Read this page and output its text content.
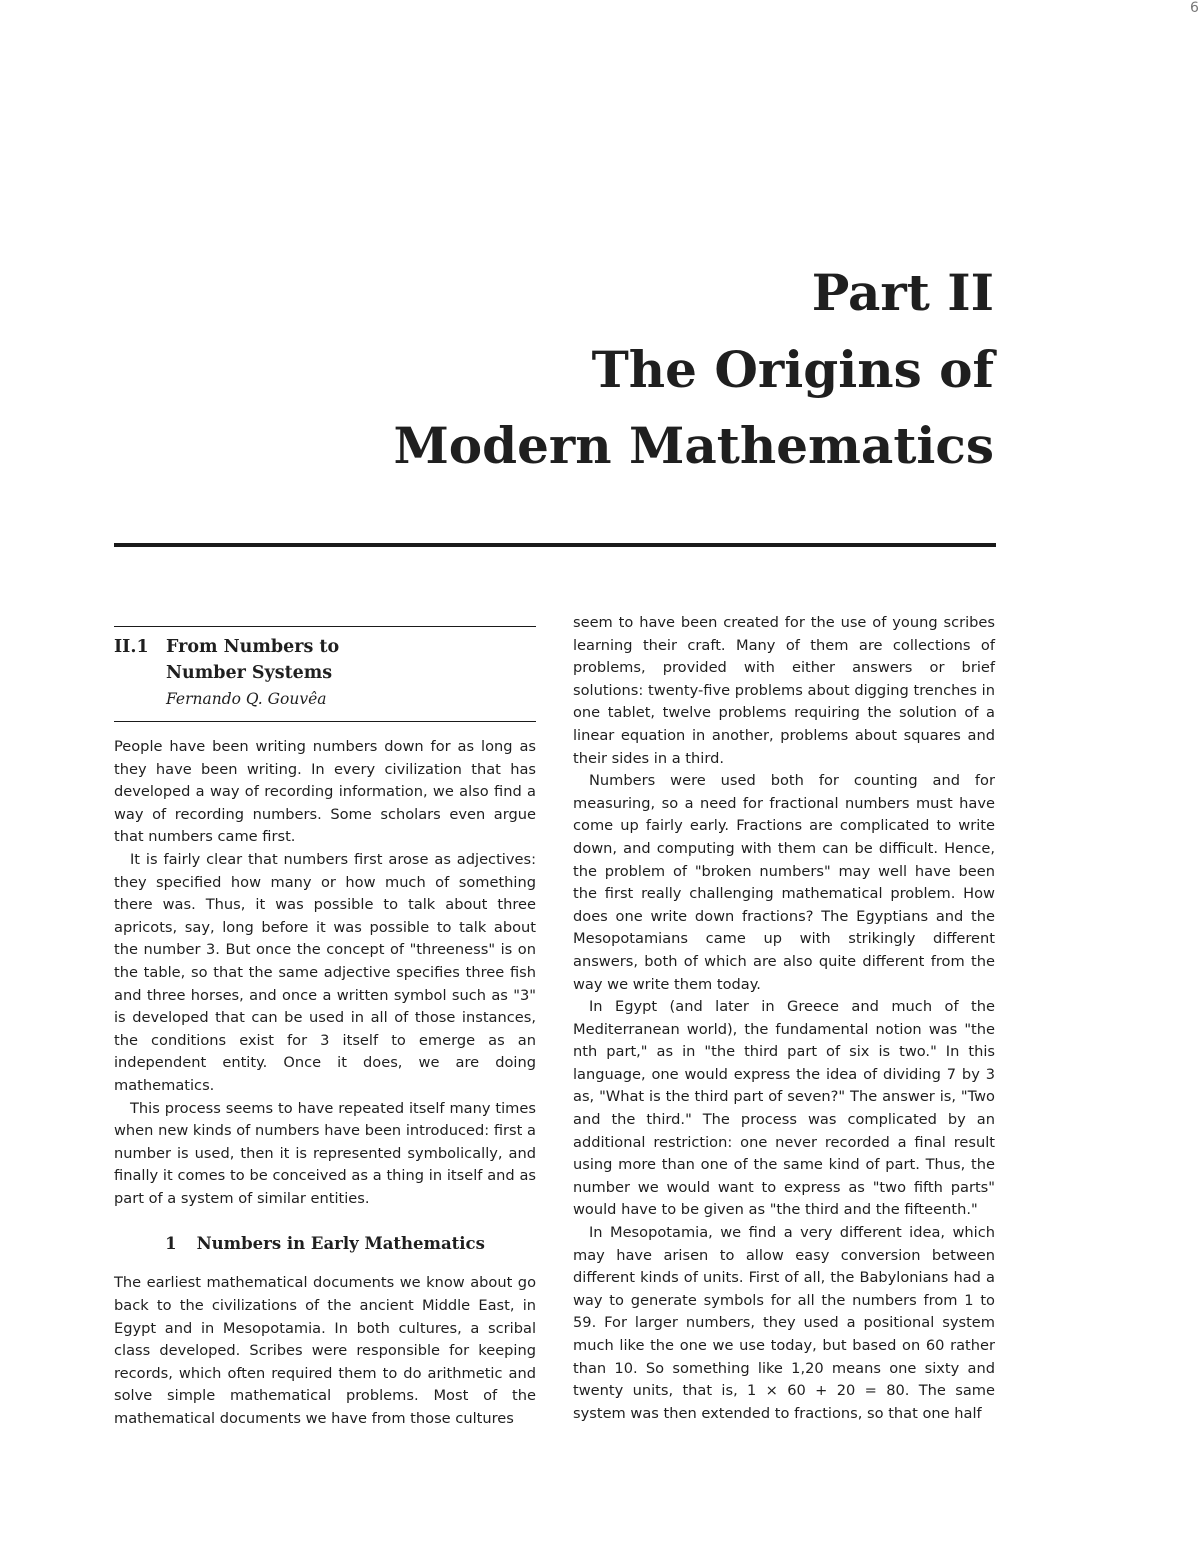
6
Part II
The Origins of
Modern Mathematics
II.1 From Numbers to
Number Systems
Fernando Q. Gouvêa

People have been writing numbers down for as long as they have been writing. In every civilization that has developed a way of recording information, we also find a way of recording numbers. Some scholars even argue that numbers came first.

It is fairly clear that numbers first arose as adjectives: they specified how many or how much of something there was. Thus, it was possible to talk about three apricots, say, long before it was possible to talk about the number 3. But once the concept of "threeness" is on the table, so that the same adjective specifies three fish and three horses, and once a written symbol such as "3" is developed that can be used in all of those instances, the conditions exist for 3 itself to emerge as an independent entity. Once it does, we are doing mathematics.

This process seems to have repeated itself many times when new kinds of numbers have been introduced: first a number is used, then it is represented symbolically, and finally it comes to be conceived as a thing in itself and as part of a system of similar entities.

1 Numbers in Early Mathematics

The earliest mathematical documents we know about go back to the civilizations of the ancient Middle East, in Egypt and in Mesopotamia. In both cultures, a scribal class developed. Scribes were responsible for keeping records, which often required them to do arithmetic and solve simple mathematical problems. Most of the mathematical documents we have from those cultures

seem to have been created for the use of young scribes learning their craft. Many of them are collections of problems, provided with either answers or brief solutions: twenty-five problems about digging trenches in one tablet, twelve problems requiring the solution of a linear equation in another, problems about squares and their sides in a third.

Numbers were used both for counting and for measuring, so a need for fractional numbers must have come up fairly early. Fractions are complicated to write down, and computing with them can be difficult. Hence, the problem of "broken numbers" may well have been the first really challenging mathematical problem. How does one write down fractions? The Egyptians and the Mesopotamians came up with strikingly different answers, both of which are also quite different from the way we write them today.

In Egypt (and later in Greece and much of the Mediterranean world), the fundamental notion was "the nth part," as in "the third part of six is two." In this language, one would express the idea of dividing 7 by 3 as, "What is the third part of seven?" The answer is, "Two and the third." The process was complicated by an additional restriction: one never recorded a final result using more than one of the same kind of part. Thus, the number we would want to express as "two fifth parts" would have to be given as "the third and the fifteenth."

In Mesopotamia, we find a very different idea, which may have arisen to allow easy conversion between different kinds of units. First of all, the Babylonians had a way to generate symbols for all the numbers from 1 to 59. For larger numbers, they used a positional system much like the one we use today, but based on 60 rather than 10. So something like 1,20 means one sixty and twenty units, that is, 1 × 60 + 20 = 80. The same system was then extended to fractions, so that one half
